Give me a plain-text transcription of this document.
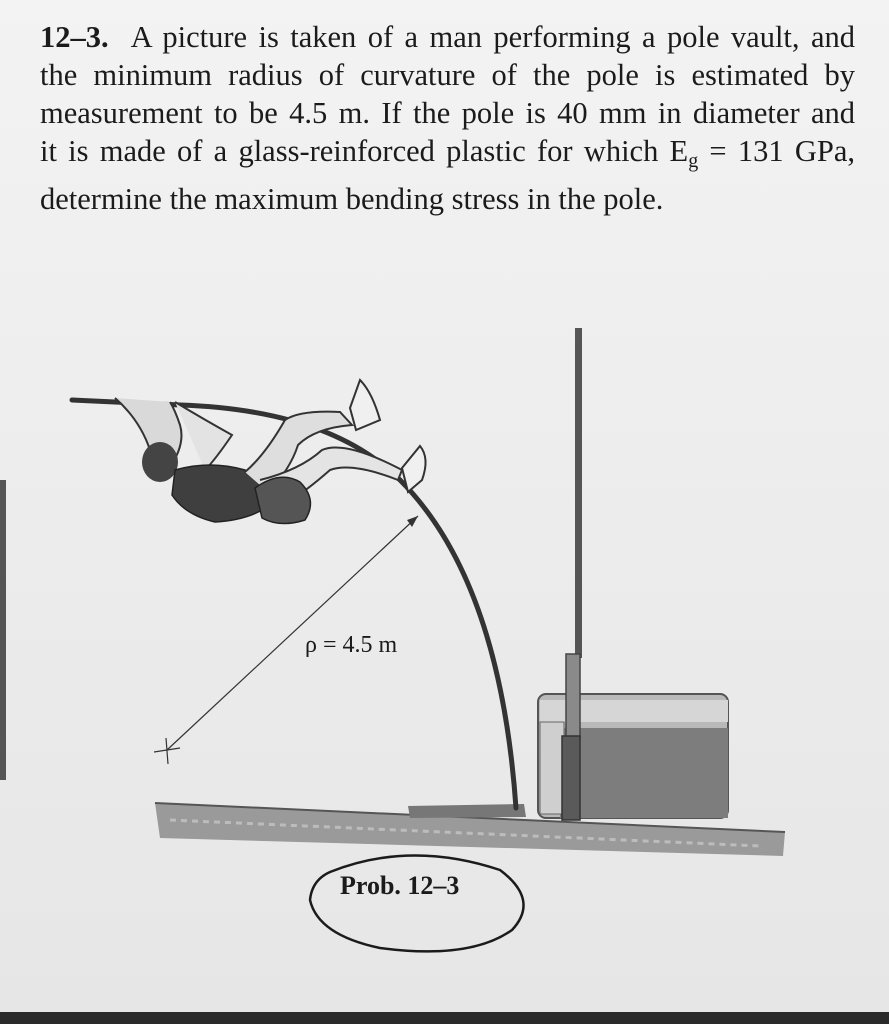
12–3. A picture is taken of a man performing a pole vault, and
the minimum radius of curvature of the pole is estimated by
measurement to be 4.5 m. If the pole is 40 mm in diameter and
it is made of a glass-reinforced plastic for which $E_g = 131$ GPa,
determine the maximum bending stress in the pole.
ρ = 4.5 m
Prob. 12–3
